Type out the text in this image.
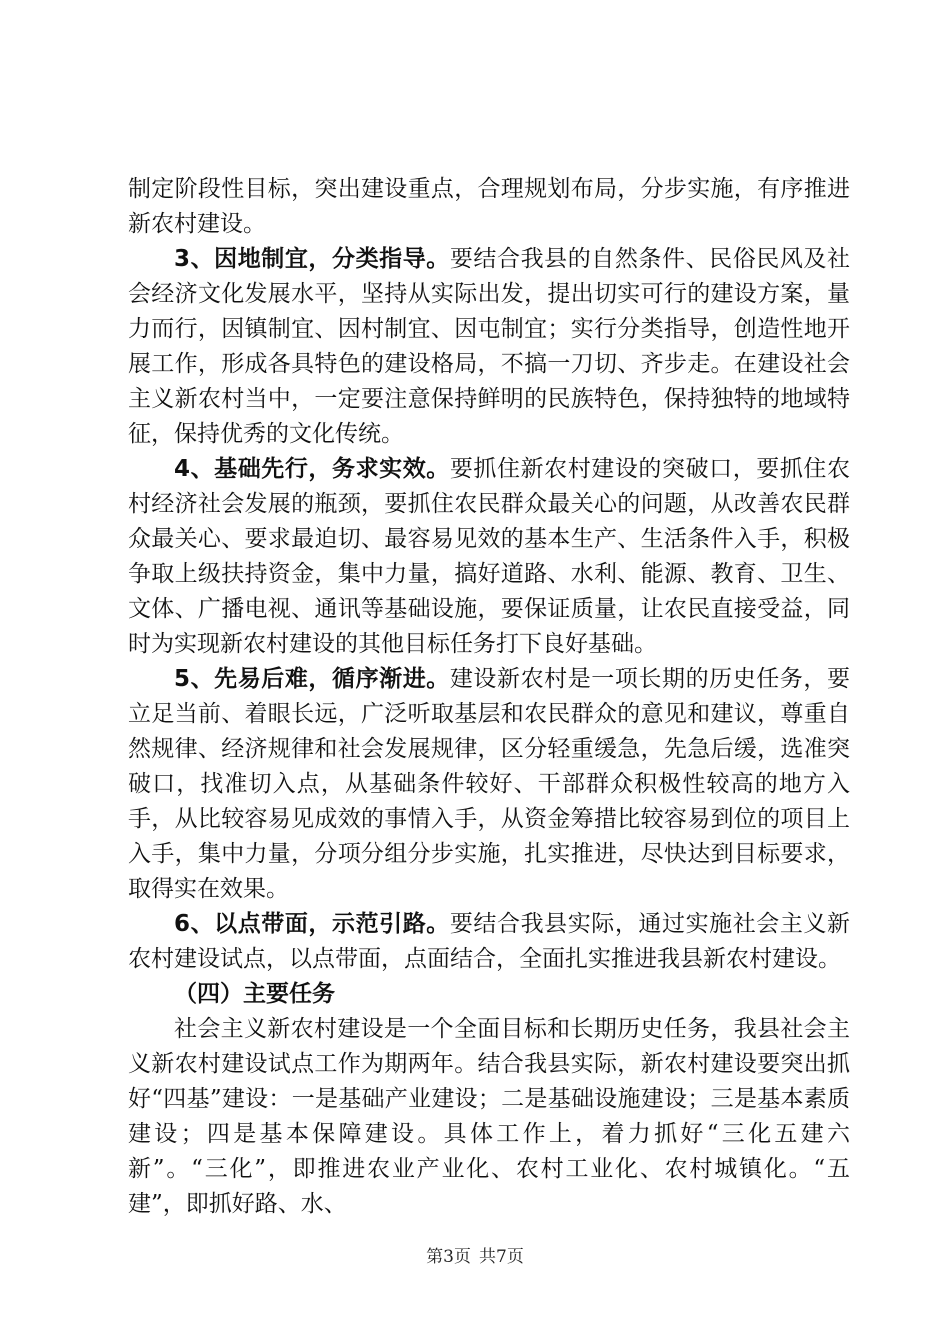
制定阶段性目标，突出建设重点，合理规划布局，分步实施，有序推进新农村建设。

3、因地制宜，分类指导。要结合我县的自然条件、民俗民风及社会经济文化发展水平，坚持从实际出发，提出切实可行的建设方案，量力而行，因镇制宜、因村制宜、因屯制宜；实行分类指导，创造性地开展工作，形成各具特色的建设格局，不搞一刀切、齐步走。在建设社会主义新农村当中，一定要注意保持鲜明的民族特色，保持独特的地域特征，保持优秀的文化传统。

4、基础先行，务求实效。要抓住新农村建设的突破口，要抓住农村经济社会发展的瓶颈，要抓住农民群众最关心的问题，从改善农民群众最关心、要求最迫切、最容易见效的基本生产、生活条件入手，积极争取上级扶持资金，集中力量，搞好道路、水利、能源、教育、卫生、文体、广播电视、通讯等基础设施，要保证质量，让农民直接受益，同时为实现新农村建设的其他目标任务打下良好基础。

5、先易后难，循序渐进。建设新农村是一项长期的历史任务，要立足当前、着眼长远，广泛听取基层和农民群众的意见和建议，尊重自然规律、经济规律和社会发展规律，区分轻重缓急，先急后缓，选准突破口，找准切入点，从基础条件较好、干部群众积极性较高的地方入手，从比较容易见成效的事情入手，从资金筹措比较容易到位的项目上入手，集中力量，分项分组分步实施，扎实推进，尽快达到目标要求，取得实在效果。

6、以点带面，示范引路。要结合我县实际，通过实施社会主义新农村建设试点，以点带面，点面结合，全面扎实推进我县新农村建设。

（四）主要任务

社会主义新农村建设是一个全面目标和长期历史任务，我县社会主义新农村建设试点工作为期两年。结合我县实际，新农村建设要突出抓好“四基”建设：一是基础产业建设；二是基础设施建设；三是基本素质建设；四是基本保障建设。具体工作上，着力抓好“三化五建六新”。“三化”，即推进农业产业化、农村工业化、农村城镇化。“五建”，即抓好路、水、

第3页 共7页
